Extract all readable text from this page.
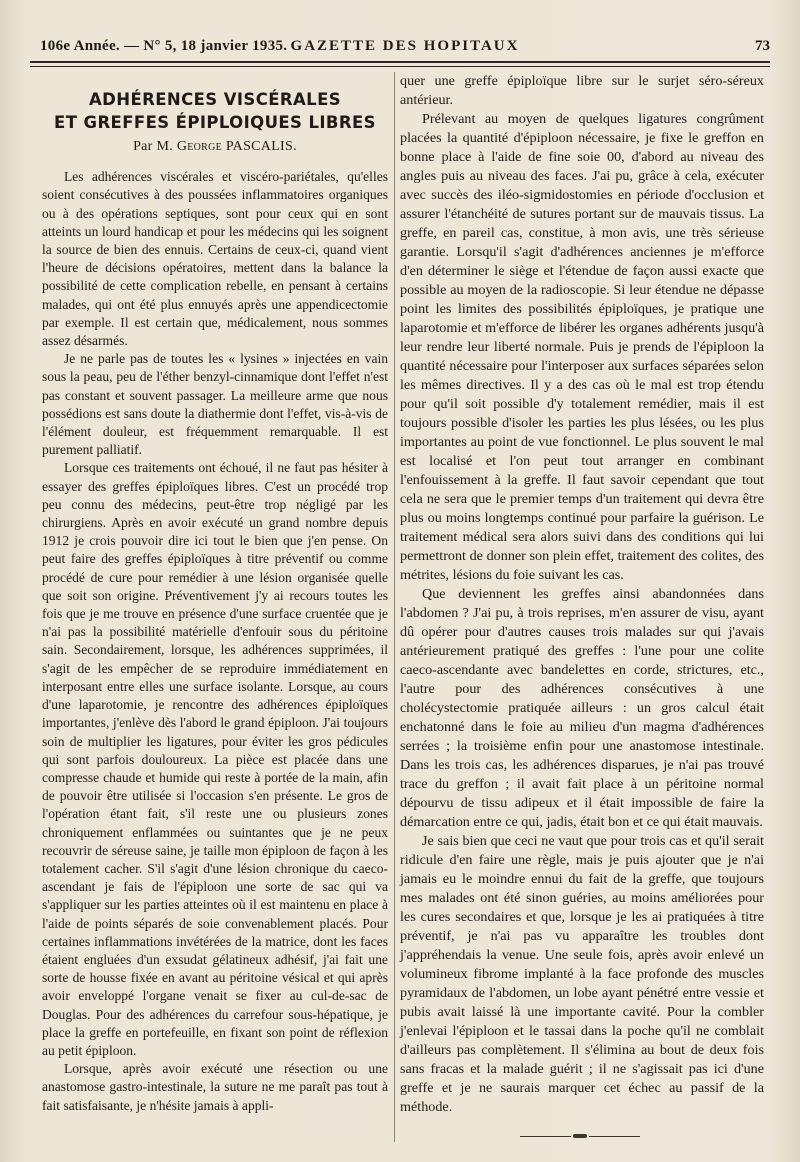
106e Année. — N° 5, 18 janvier 1935. GAZETTE DES HOPITAUX	73
ADHÉRENCES VISCÉRALES
ET GREFFES ÉPIPLOIQUES LIBRES
Par M. George PASCALIS.

Les adhérences viscérales et viscéro-pariétales, qu'elles soient consécutives à des poussées inflammatoires organiques ou à des opérations septiques, sont pour ceux qui en sont atteints un lourd handicap et pour les médecins qui les soignent la source de bien des ennuis. Certains de ceux-ci, quand vient l'heure de décisions opératoires, mettent dans la balance la possibilité de cette complication rebelle, en pensant à certains malades, qui ont été plus ennuyés après une appendicectomie par exemple. Il est certain que, médicalement, nous sommes assez désarmés.

Je ne parle pas de toutes les « lysines » injectées en vain sous la peau, peu de l'éther benzyl-cinnamique dont l'effet n'est pas constant et souvent passager. La meilleure arme que nous possédions est sans doute la diathermie dont l'effet, vis-à-vis de l'élément douleur, est fréquemment remarquable. Il est purement palliatif.

Lorsque ces traitements ont échoué, il ne faut pas hésiter à essayer des greffes épiploïques libres. C'est un procédé trop peu connu des médecins, peut-être trop négligé par les chirurgiens. Après en avoir exécuté un grand nombre depuis 1912 je crois pouvoir dire ici tout le bien que j'en pense. On peut faire des greffes épiploïques à titre préventif ou comme procédé de cure pour remédier à une lésion organisée quelle que soit son origine. Préventivement j'y ai recours toutes les fois que je me trouve en présence d'une surface cruentée que je n'ai pas la possibilité matérielle d'enfouir sous du péritoine sain. Secondairement, lorsque, les adhérences supprimées, il s'agit de les empêcher de se reproduire immédiatement en interposant entre elles une surface isolante. Lorsque, au cours d'une laparotomie, je rencontre des adhérences épiploïques importantes, j'enlève dès l'abord le grand épiploon. J'ai toujours soin de multiplier les ligatures, pour éviter les gros pédicules qui sont parfois douloureux. La pièce est placée dans une compresse chaude et humide qui reste à portée de la main, afin de pouvoir être utilisée si l'occasion s'en présente. Le gros de l'opération étant fait, s'il reste une ou plusieurs zones chroniquement enflammées ou suintantes que je ne peux recouvrir de séreuse saine, je taille mon épiploon de façon à les totalement cacher. S'il s'agit d'une lésion chronique du caeco-ascendant je fais de l'épiploon une sorte de sac qui va s'appliquer sur les parties atteintes où il est maintenu en place à l'aide de points séparés de soie convenablement placés. Pour certaines inflammations invétérées de la matrice, dont les faces étaient engluées d'un exsudat gélatineux adhésif, j'ai fait une sorte de housse fixée en avant au péritoine vésical et qui après avoir enveloppé l'organe venait se fixer au cul-de-sac de Douglas. Pour des adhérences du carrefour sous-hépatique, je place la greffe en portefeuille, en fixant son point de réflexion au petit épiploon.

Lorsque, après avoir exécuté une résection ou une anastomose gastro-intestinale, la suture ne me paraît pas tout à fait satisfaisante, je n'hésite jamais à appli-

quer une greffe épiploïque libre sur le surjet séro-séreux antérieur.

Prélevant au moyen de quelques ligatures congrûment placées la quantité d'épiploon nécessaire, je fixe le greffon en bonne place à l'aide de fine soie 00, d'abord au niveau des angles puis au niveau des faces. J'ai pu, grâce à cela, exécuter avec succès des iléo-sigmidostomies en période d'occlusion et assurer l'étanchéité de sutures portant sur de mauvais tissus. La greffe, en pareil cas, constitue, à mon avis, une très sérieuse garantie. Lorsqu'il s'agit d'adhérences anciennes je m'efforce d'en déterminer le siège et l'étendue de façon aussi exacte que possible au moyen de la radioscopie. Si leur étendue ne dépasse point les limites des possibilités épiploïques, je pratique une laparotomie et m'efforce de libérer les organes adhérents jusqu'à leur rendre leur liberté normale. Puis je prends de l'épiploon la quantité nécessaire pour l'interposer aux surfaces séparées selon les mêmes directives. Il y a des cas où le mal est trop étendu pour qu'il soit possible d'y totalement remédier, mais il est toujours possible d'isoler les parties les plus lésées, ou les plus importantes au point de vue fonctionnel. Le plus souvent le mal est localisé et l'on peut tout arranger en combinant l'enfouissement à la greffe. Il faut savoir cependant que tout cela ne sera que le premier temps d'un traitement qui devra être plus ou moins longtemps continué pour parfaire la guérison. Le traitement médical sera alors suivi dans des conditions qui lui permettront de donner son plein effet, traitement des colites, des métrites, lésions du foie suivant les cas.

Que deviennent les greffes ainsi abandonnées dans l'abdomen ? J'ai pu, à trois reprises, m'en assurer de visu, ayant dû opérer pour d'autres causes trois malades sur qui j'avais antérieurement pratiqué des greffes : l'une pour une colite caeco-ascendante avec bandelettes en corde, strictures, etc., l'autre pour des adhérences consécutives à une cholécystectomie pratiquée ailleurs : un gros calcul était enchatonné dans le foie au milieu d'un magma d'adhérences serrées ; la troisième enfin pour une anastomose intestinale. Dans les trois cas, les adhérences disparues, je n'ai pas trouvé trace du greffon ; il avait fait place à un péritoine normal dépourvu de tissu adipeux et il était impossible de faire la démarcation entre ce qui, jadis, était bon et ce qui était mauvais.

Je sais bien que ceci ne vaut que pour trois cas et qu'il serait ridicule d'en faire une règle, mais je puis ajouter que je n'ai jamais eu le moindre ennui du fait de la greffe, que toujours mes malades ont été sinon guéries, au moins améliorées pour les cures secondaires et que, lorsque je les ai pratiquées à titre préventif, je n'ai pas vu apparaître les troubles dont j'appréhendais la venue. Une seule fois, après avoir enlevé un volumineux fibrome implanté à la face profonde des muscles pyramidaux de l'abdomen, un lobe ayant pénétré entre vessie et pubis avait laissé là une importante cavité. Pour la combler j'enlevai l'épiploon et le tassai dans la poche qu'il ne comblait d'ailleurs pas complètement. Il s'élimina au bout de deux fois sans fracas et la malade guérit ; il ne s'agissait pas ici d'une greffe et je ne saurais marquer cet échec au passif de la méthode.
